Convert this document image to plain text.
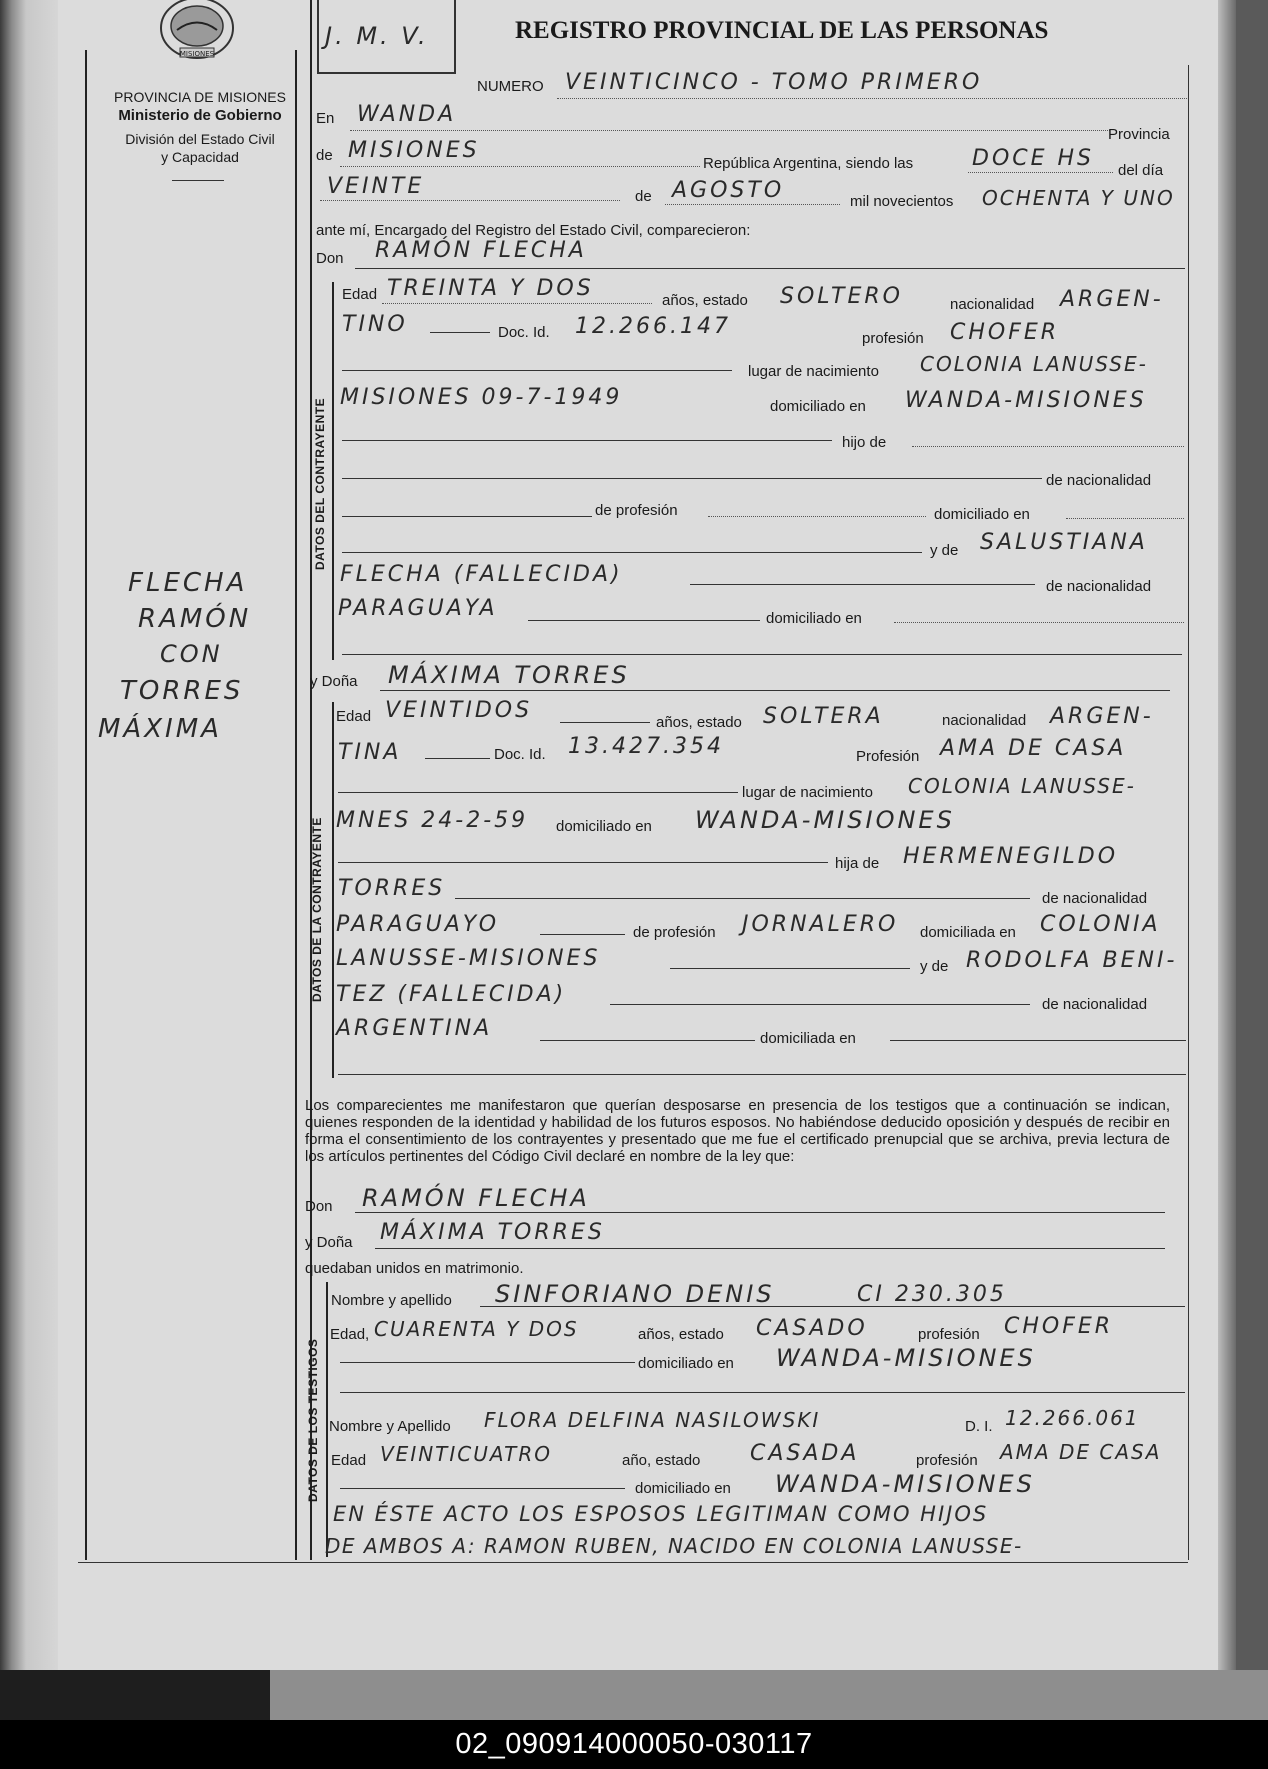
MISIONES
PROVINCIA DE MISIONES
Ministerio de Gobierno
División del Estado Civil
y Capacidad
J. M. V.	REGISTRO PROVINCIAL DE LAS PERSONAS
NUMERO VEINTICINCO - TOMO PRIMERO
En WANDA
Provincia
de MISIONES
República Argentina, siendo las	DOCE HS del día
VEINTE	de AGOSTO	mil novecientos OCHENTA Y UNO
ante mí, Encargado del Registro del Estado Civil, comparecieron:
Don RAMÓN FLECHA
DATOS DEL CONTRAYENTE
Edad TREINTA Y DOS	años, estado SOLTERO	nacionalidad ARGEN-
TINO	Doc. Id. 12.266.147	profesión CHOFER
lugar de nacimiento COLONIA LANUSSE-
MISIONES 09-7-1949	domiciliado en WANDA-MISIONES
hijo de
de nacionalidad
de profesión	domiciliado en
y de SALUSTIANA
FLECHA (FALLECIDA)	de nacionalidad
PARAGUAYA	domiciliado en
FLECHA
RAMÓN
CON
TORRES
MÁXIMA
y Doña MÁXIMA TORRES
DATOS DE LA CONTRAYENTE
Edad VEINTIDOS	años, estado SOLTERA	nacionalidad ARGEN-
TINA	Doc. Id. 13.427.354	Profesión AMA DE CASA
lugar de nacimiento COLONIA LANUSSE-
MNES 24-2-59 domiciliado en WANDA-MISIONES
hija de HERMENEGILDO
TORRES	de nacionalidad
PARAGUAYO	de profesión JORNALERO domiciliada en COLONIA
LANUSSE-MISIONES	y de RODOLFA BENI-
TEZ (FALLECIDA)	de nacionalidad
ARGENTINA	domiciliada en
Los comparecientes me manifestaron que querían desposarse en presencia de los testigos que a continuación se indican, quienes responden de la identidad y habilidad de los futuros esposos. No habiéndose deducido oposición y después de recibir en forma el consentimiento de los contrayentes y presentado que me fue el certificado prenupcial que se archiva, previa lectura de los artículos pertinentes del Código Civil declaré en nombre de la ley que:
Don RAMÓN FLECHA
y Doña MÁXIMA TORRES
quedaban unidos en matrimonio.
DATOS DE LOS TESTIGOS
Nombre y apellido SINFORIANO DENIS	CI 230.305
Edad, CUARENTA Y DOS	años, estado CASADO	profesión CHOFER
domiciliado en WANDA-MISIONES
Nombre y Apellido FLORA DELFINA NASILOWSKI	D. I. 12.266.061
Edad VEINTICUATRO	año, estado CASADA	profesión AMA DE CASA
domiciliado en WANDA-MISIONES
EN ÉSTE ACTO LOS ESPOSOS LEGITIMAN COMO HIJOS
DE AMBOS A: RAMON RUBEN, NACIDO EN COLONIA LANUSSE-
02_090914000050-030117
